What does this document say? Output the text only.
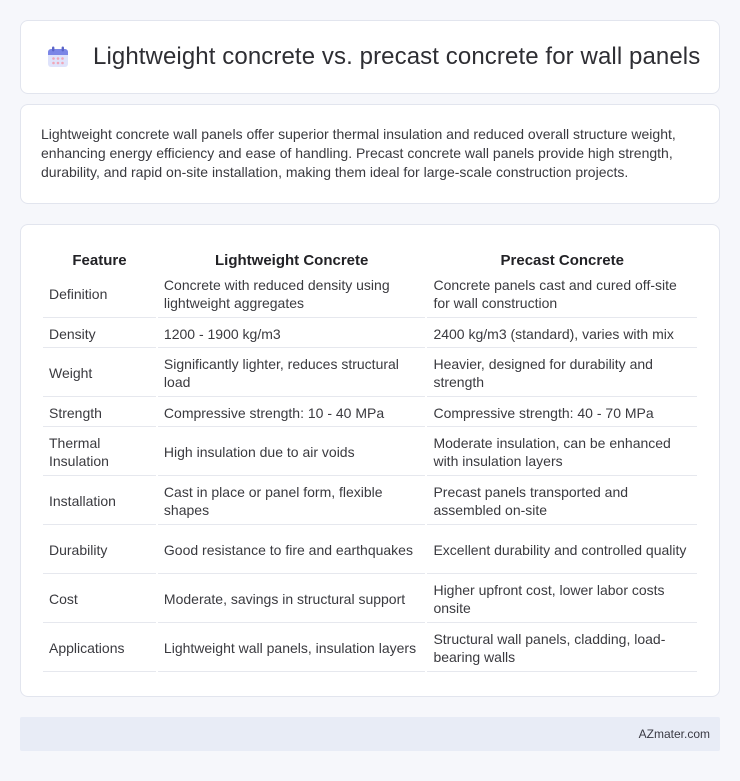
Lightweight concrete vs. precast concrete for wall panels

Lightweight concrete wall panels offer superior thermal insulation and reduced overall structure weight, enhancing energy efficiency and ease of handling. Precast concrete wall panels provide high strength, durability, and rapid on-site installation, making them ideal for large-scale construction projects.

Feature	Lightweight Concrete	Precast Concrete
Definition	Concrete with reduced density using lightweight aggregates	Concrete panels cast and cured off-site for wall construction
Density	1200 - 1900 kg/m3	2400 kg/m3 (standard), varies with mix
Weight	Significantly lighter, reduces structural load	Heavier, designed for durability and strength
Strength	Compressive strength: 10 - 40 MPa	Compressive strength: 40 - 70 MPa
Thermal Insulation	High insulation due to air voids	Moderate insulation, can be enhanced with insulation layers
Installation	Cast in place or panel form, flexible shapes	Precast panels transported and assembled on-site
Durability	Good resistance to fire and earthquakes	Excellent durability and controlled quality
Cost	Moderate, savings in structural support	Higher upfront cost, lower labor costs onsite
Applications	Lightweight wall panels, insulation layers	Structural wall panels, cladding, load-bearing walls
AZmater.com
